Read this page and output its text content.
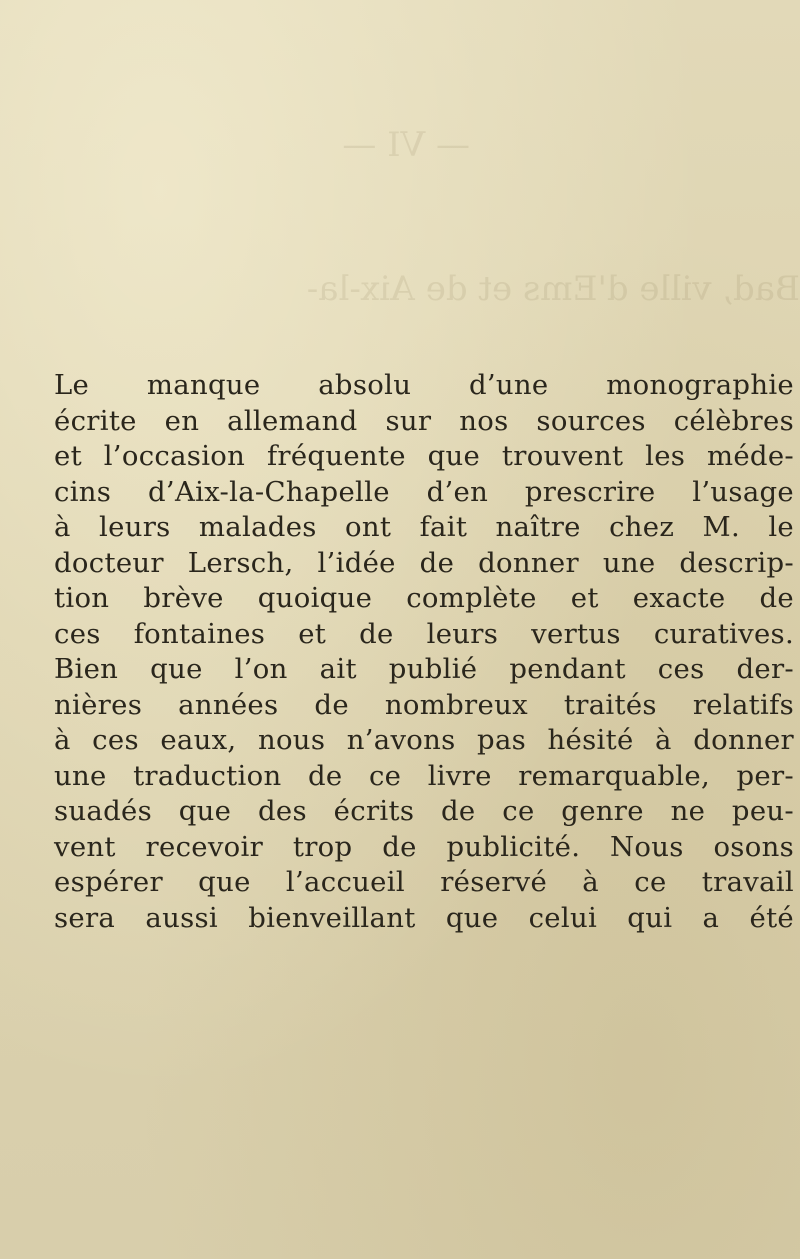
— VI —

Bad, ville d'Ems et de Aix-la-

Le manque absolu d’une monographie
écrite en allemand sur nos sources célèbres
et l’occasion fréquente que trouvent les méde-
cins d’Aix-la-Chapelle d’en prescrire l’usage
à leurs malades ont fait naître chez M. le
docteur Lersch, l’idée de donner une descrip-
tion brève quoique complète et exacte de
ces fontaines et de leurs vertus curatives.
Bien que l’on ait publié pendant ces der-
nières années de nombreux traités relatifs
à ces eaux, nous n’avons pas hésité à donner
une traduction de ce livre remarquable, per-
suadés que des écrits de ce genre ne peu-
vent recevoir trop de publicité. Nous osons
espérer que l’accueil réservé à ce travail
sera aussi bienveillant que celui qui a été
